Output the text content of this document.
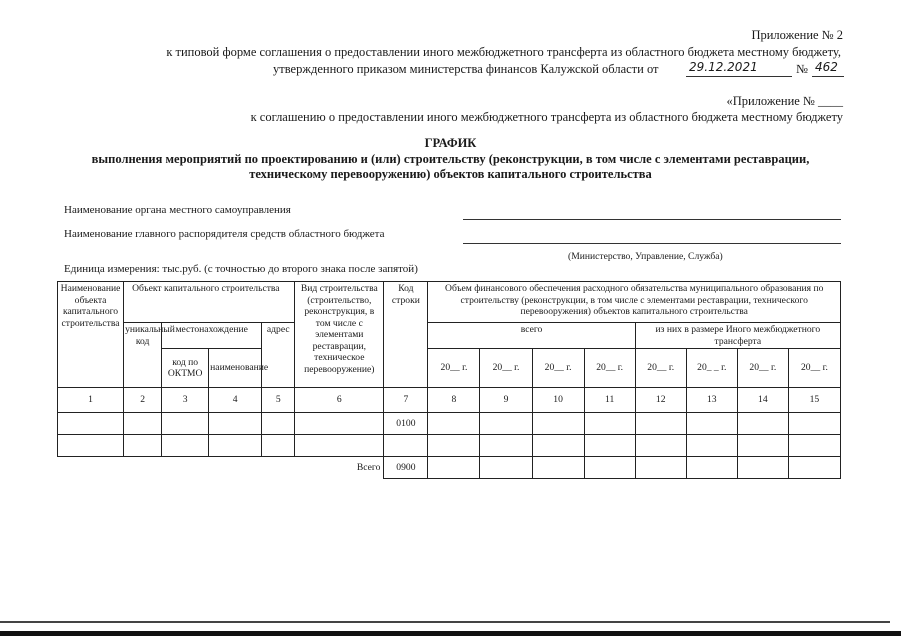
Приложение № 2
к типовой форме соглашения о предоставлении иного межбюджетного трансферта из областного бюджета местному бюджету,
утвержденного приказом министерства финансов Калужской области от	29.12.2021	№ 462
«Приложение № ____
к соглашению о предоставлении иного межбюджетного трансферта из областного бюджета местному бюджету
ГРАФИК
выполнения мероприятий по проектированию и (или) строительству (реконструкции, в том числе с элементами реставрации,
техническому перевооружению) объектов капитального строительства
Наименование органа местного самоуправления
Наименование главного распорядителя средств областного бюджета
(Министерство, Управление, Служба)
Единица измерения: тыс.руб. (с точностью до второго знака после запятой)
Наименование объекта капитального строительства	Объект капитального строительства				Вид строительства (строительство, реконструкция, в том числе с элементами реставрации, техническое перевооружение)	Код строки	Объем финансового обеспечения расходного обязательства муниципального образования по строительству (реконструкции, в том числе с элементами реставрации, технического перевооружения) объектов капитального строительства							
	уникальный код	местонахождение		адрес			всего				из них в размере Иного межбюджетного трансферта			
		код по ОКТМО	наименование				20__ г.	20__ г.	20__ г.	20__ г.	20__ г.	20_ _ г.	20__ г.	20__ г.

1	2	3	4	5	6	7	8	9	10	11	12	13	14	15
						0100								

Всего						0900								
